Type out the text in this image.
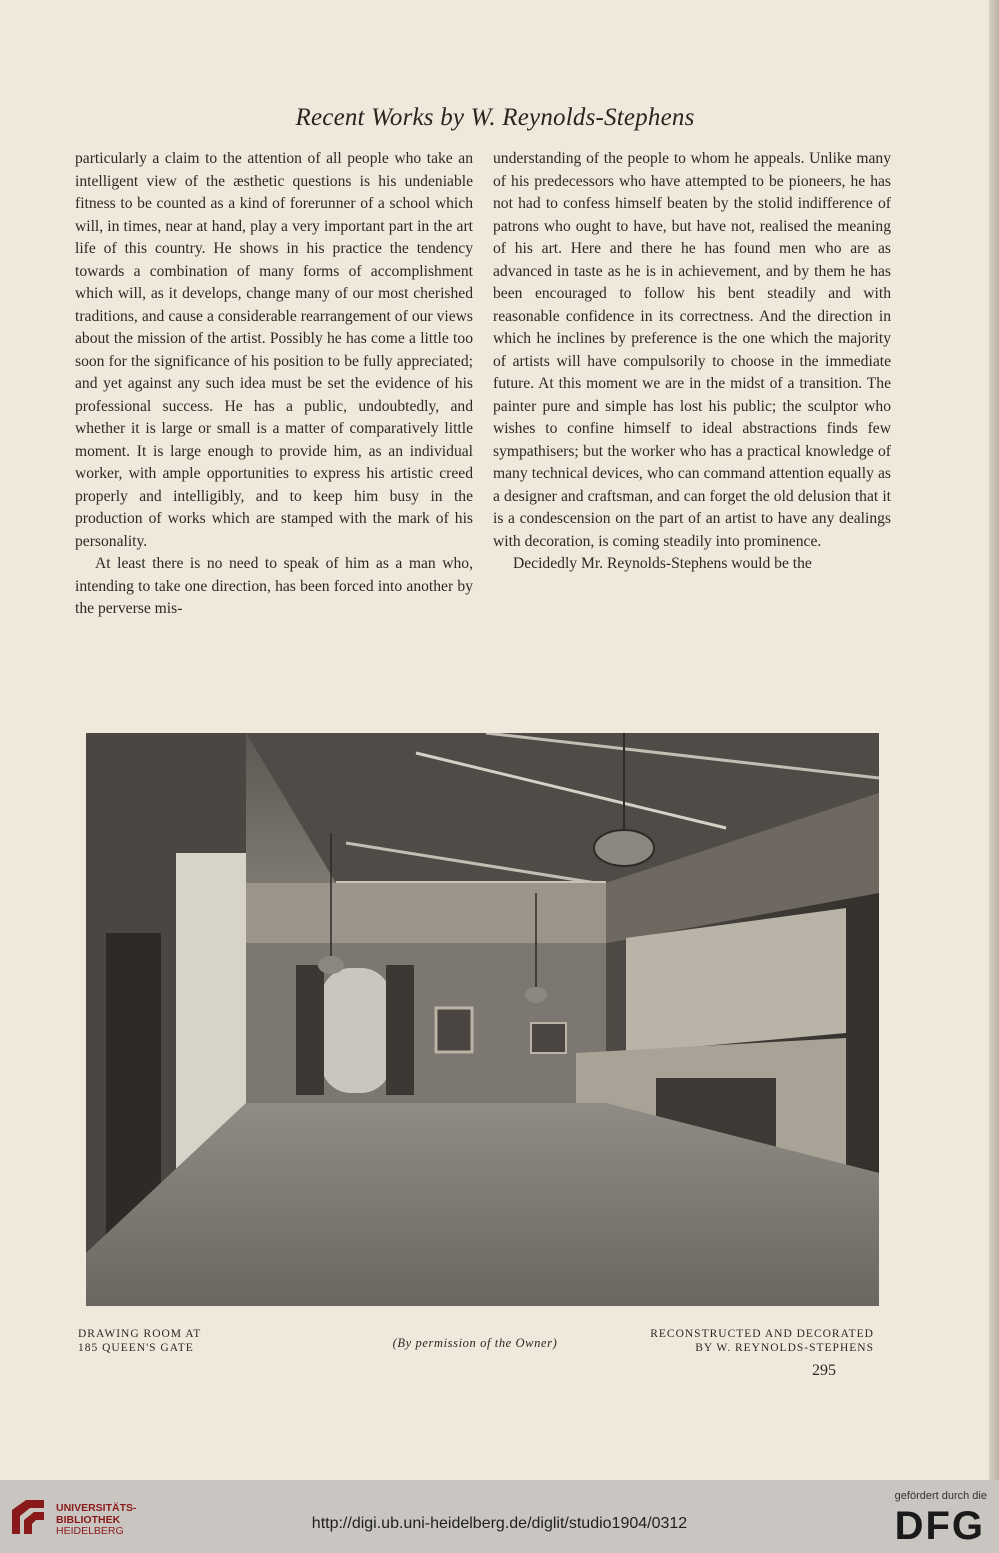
Recent Works by W. Reynolds-Stephens

particularly a claim to the attention of all people who take an intelligent view of the æsthetic questions is his undeniable fitness to be counted as a kind of forerunner of a school which will, in times, near at hand, play a very important part in the art life of this country. He shows in his practice the tendency towards a combination of many forms of accomplishment which will, as it develops, change many of our most cherished traditions, and cause a considerable rearrangement of our views about the mission of the artist. Possibly he has come a little too soon for the significance of his position to be fully appreciated; and yet against any such idea must be set the evidence of his professional success. He has a public, undoubtedly, and whether it is large or small is a matter of comparatively little moment. It is large enough to provide him, as an individual worker, with ample opportunities to express his artistic creed properly and intelligibly, and to keep him busy in the production of works which are stamped with the mark of his personality.

At least there is no need to speak of him as a man who, intending to take one direction, has been forced into another by the perverse mis-

understanding of the people to whom he appeals. Unlike many of his predecessors who have attempted to be pioneers, he has not had to confess himself beaten by the stolid indifference of patrons who ought to have, but have not, realised the meaning of his art. Here and there he has found men who are as advanced in taste as he is in achievement, and by them he has been encouraged to follow his bent steadily and with reasonable confidence in its correctness. And the direction in which he inclines by preference is the one which the majority of artists will have compulsorily to choose in the immediate future. At this moment we are in the midst of a transition. The painter pure and simple has lost his public; the sculptor who wishes to confine himself to ideal abstractions finds few sympathisers; but the worker who has a practical knowledge of many technical devices, who can command attention equally as a designer and craftsman, and can forget the old delusion that it is a condescension on the part of an artist to have any dealings with decoration, is coming steadily into prominence.

Decidedly Mr. Reynolds-Stephens would be the

DRAWING ROOM AT
185 QUEEN'S GATE	(By permission of the Owner)
RECONSTRUCTED AND DECORATED
BY W. REYNOLDS-STEPHENS
295
UNIVERSITÄTS-
BIBLIOTHEK
HEIDELBERG	http://digi.ub.uni-heidelberg.de/diglit/studio1904/0312
gefördert durch die
DFG
